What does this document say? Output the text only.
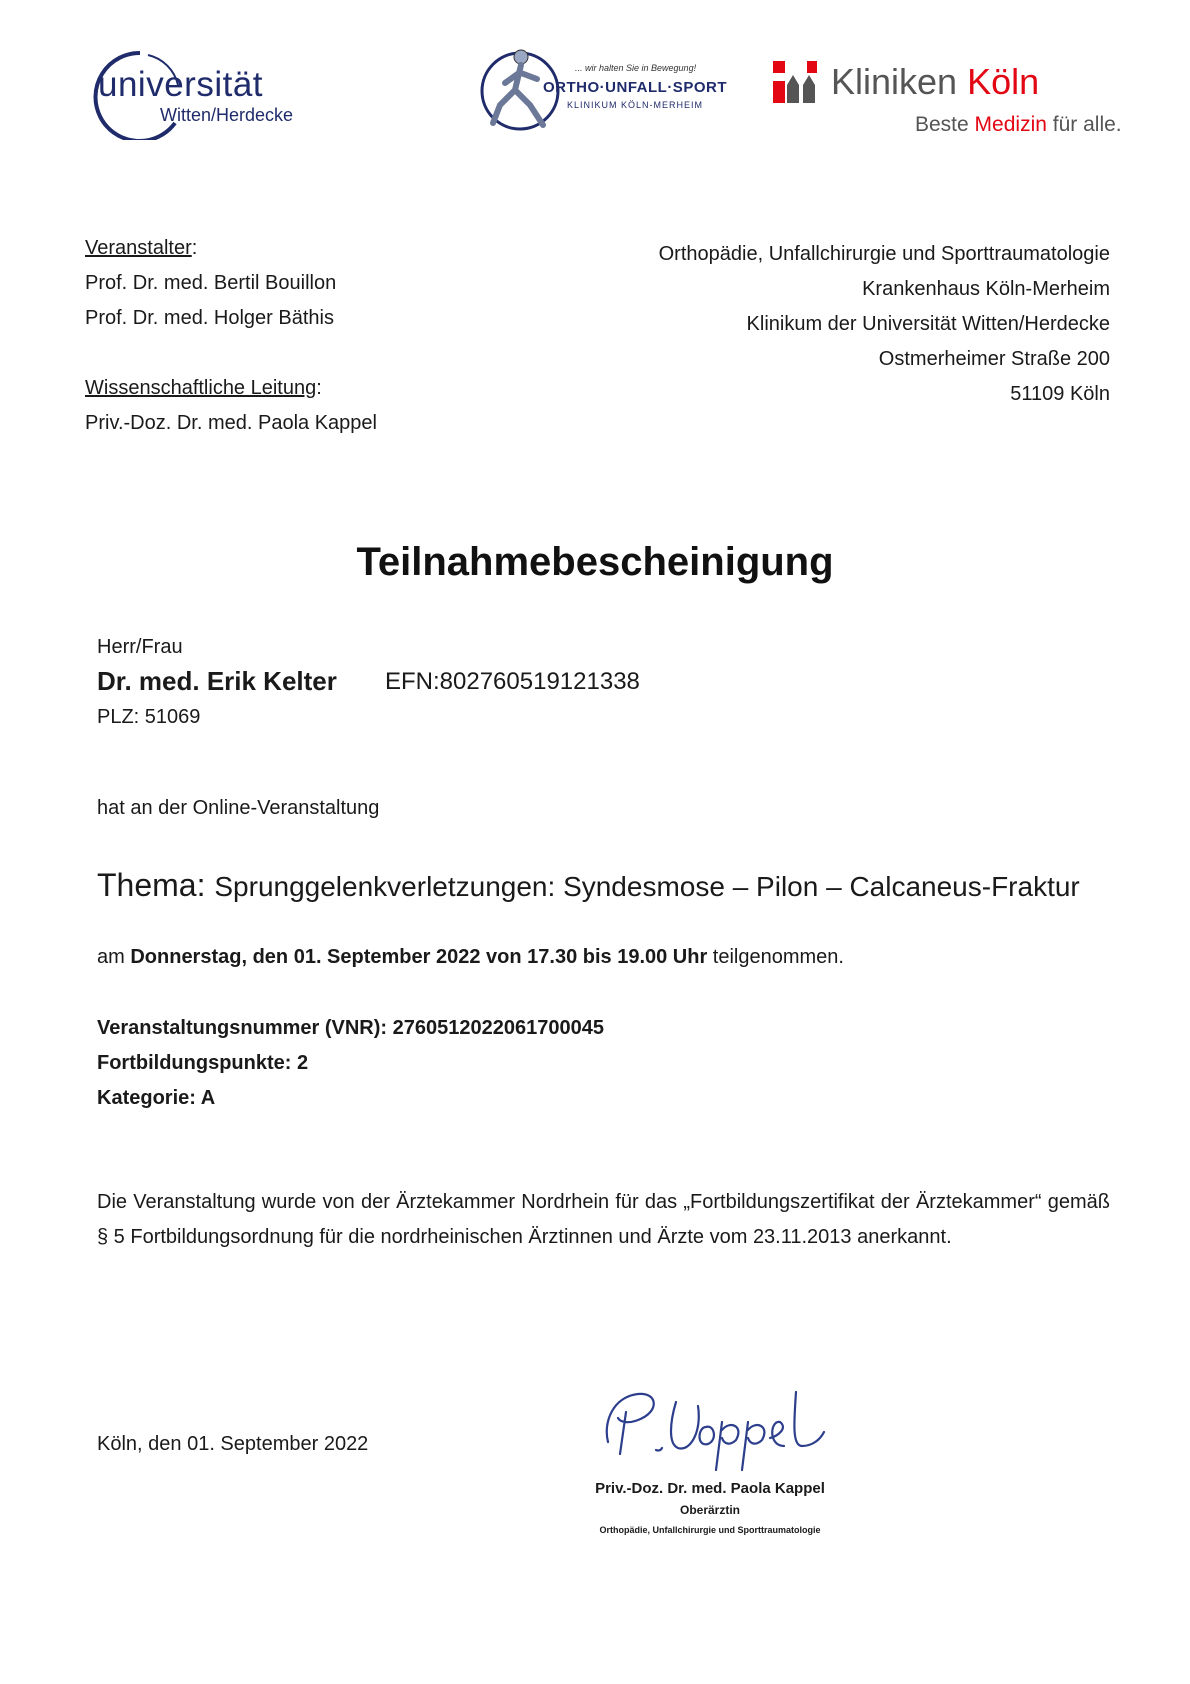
universität
Witten/Herdecke
... wir halten Sie in Bewegung!
ORTHO·UNFALL·SPORT
KLINIKUM KÖLN-MERHEIM
Kliniken Köln
Beste Medizin für alle.
Veranstalter:
Prof. Dr. med. Bertil Bouillon
Prof. Dr. med. Holger Bäthis
Wissenschaftliche Leitung:
Priv.-Doz. Dr. med. Paola Kappel
Orthopädie, Unfallchirurgie und Sporttraumatologie
Krankenhaus Köln-Merheim
Klinikum der Universität Witten/Herdecke
Ostmerheimer Straße 200
51109 Köln
Teilnahmebescheinigung
Herr/Frau
Dr. med. Erik Kelter EFN:802760519121338
PLZ: 51069
hat an der Online-Veranstaltung
Thema: Sprunggelenkverletzungen: Syndesmose – Pilon – Calcaneus-Fraktur
am Donnerstag, den 01. September 2022 von 17.30 bis 19.00 Uhr teilgenommen.
Veranstaltungsnummer (VNR): 2760512022061700045
Fortbildungspunkte: 2
Kategorie: A
Die Veranstaltung wurde von der Ärztekammer Nordrhein für das „Fortbildungszertifikat der Ärztekammer“ gemäß § 5 Fortbildungsordnung für die nordrheinischen Ärztinnen und Ärzte vom 23.11.2013 anerkannt.
Köln, den 01. September 2022
Priv.-Doz. Dr. med. Paola Kappel
Oberärztin
Orthopädie, Unfallchirurgie und Sporttraumatologie
